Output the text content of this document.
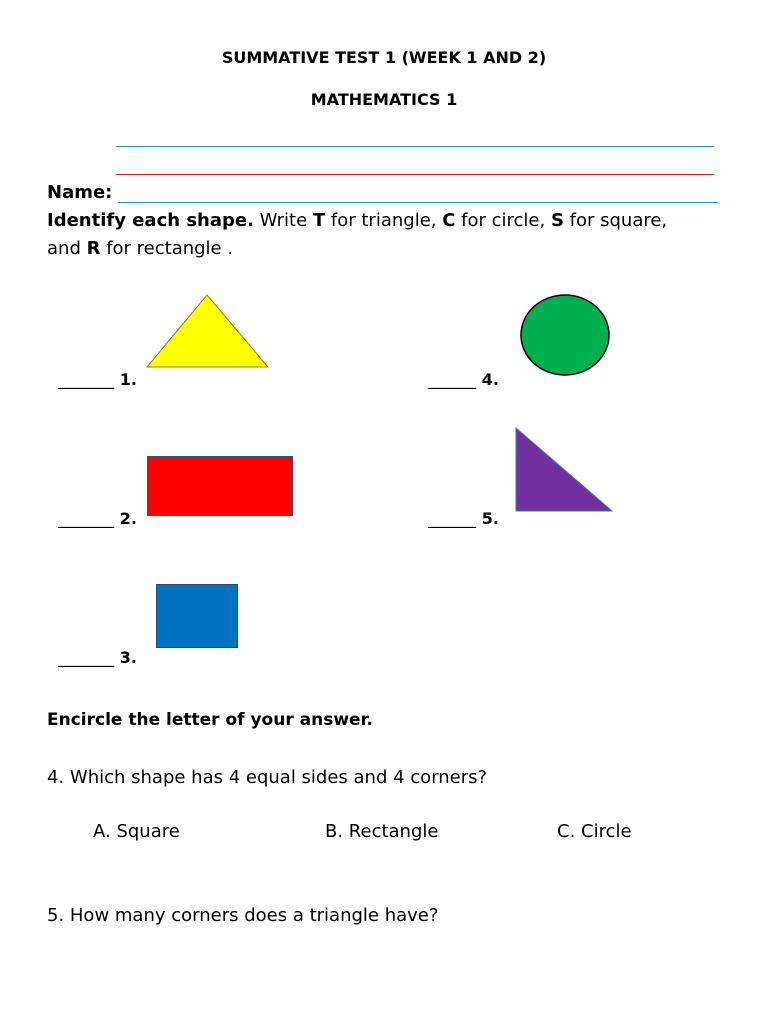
SUMMATIVE TEST 1 (WEEK 1 AND 2)
MATHEMATICS 1
Name:
Identify each shape. Write T for triangle, C for circle, S for square,
and R for rectangle .

_______ 1.	______ 4.

_______ 2.	______ 5.

_______ 3.

Encircle the letter of your answer.
4. Which shape has 4 equal sides and 4 corners?
A. Square	B. Rectangle	C. Circle
5. How many corners does a triangle have?
